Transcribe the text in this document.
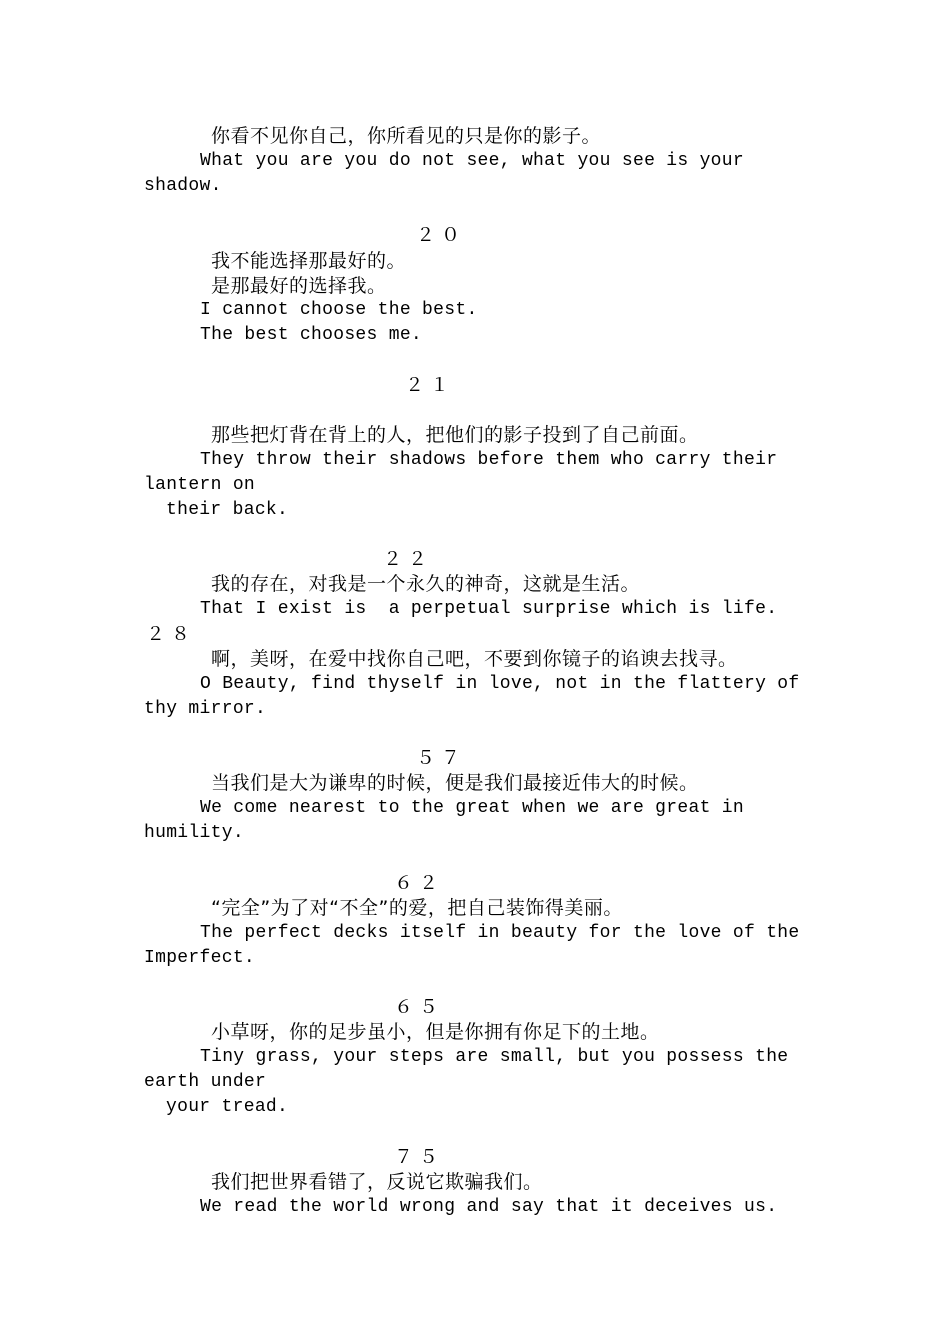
你看不见你自己，你所看见的只是你的影子。
What you are you do not see, what you see is your
shadow.
２０
我不能选择那最好的。
是那最好的选择我。
I cannot choose the best.
The best chooses me.
２１
那些把灯背在背上的人，把他们的影子投到了自己前面。
They throw their shadows before them who carry their
lantern on
their back.
２２
我的存在，对我是一个永久的神奇，这就是生活。
That I exist is  a perpetual surprise which is life.
２８
啊，美呀，在爱中找你自己吧，不要到你镜子的谄谀去找寻。
O Beauty, find thyself in love, not in the flattery of
thy mirror.
５７
当我们是大为谦卑的时候，便是我们最接近伟大的时候。
We come nearest to the great when we are great in
humility.
６２
“完全”为了对“不全”的爱，把自己装饰得美丽。
The perfect decks itself in beauty for the love of the
Imperfect.
６５
小草呀，你的足步虽小，但是你拥有你足下的土地。
Tiny grass, your steps are small, but you possess the
earth under
your tread.
７５
我们把世界看错了，反说它欺骗我们。
We read the world wrong and say that it deceives us.
